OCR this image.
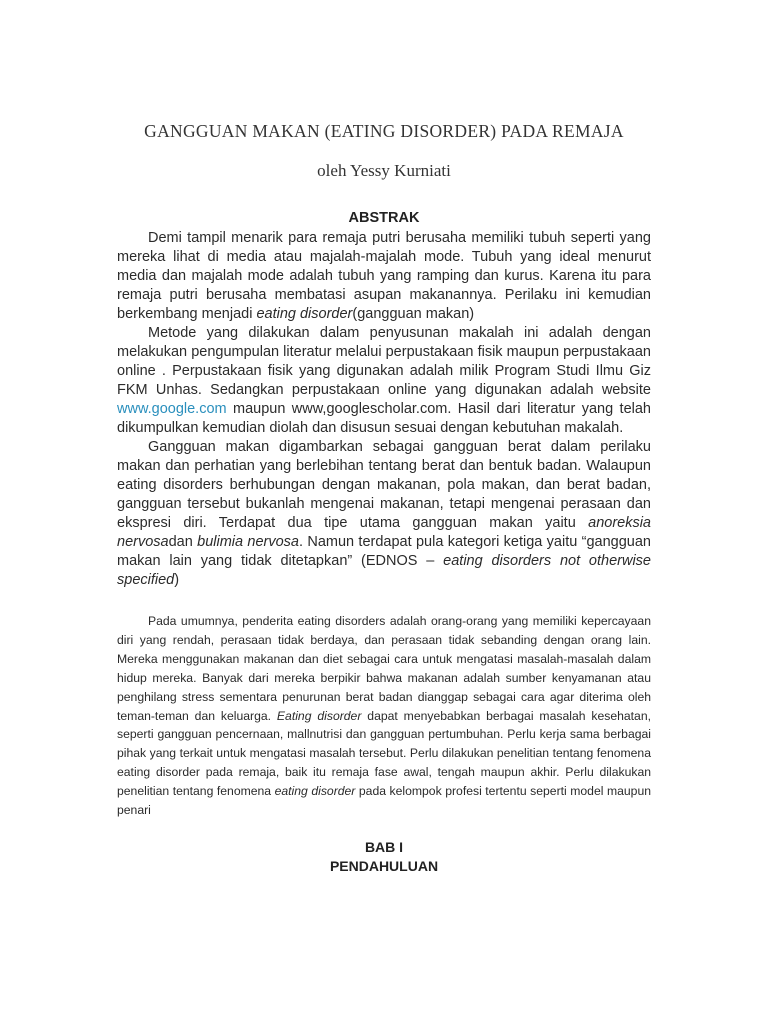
GANGGUAN MAKAN (EATING DISORDER) PADA REMAJA
oleh Yessy Kurniati
ABSTRAK

Demi tampil menarik para remaja putri berusaha memiliki tubuh seperti yang mereka lihat di media atau majalah-majalah mode. Tubuh yang ideal menurut media dan majalah mode adalah tubuh yang ramping dan kurus. Karena itu para remaja putri berusaha membatasi asupan makanannya. Perilaku ini kemudian berkembang menjadi eating disorder(gangguan makan)

Metode yang dilakukan dalam penyusunan makalah ini adalah dengan melakukan pengumpulan literatur melalui perpustakaan fisik maupun perpustakaan online . Perpustakaan fisik yang digunakan adalah milik Program Studi Ilmu Giz FKM Unhas. Sedangkan perpustakaan online yang digunakan adalah website www.google.com maupun www,googlescholar.com. Hasil dari literatur yang telah dikumpulkan kemudian diolah dan disusun sesuai dengan kebutuhan makalah.

Gangguan makan digambarkan sebagai gangguan berat dalam perilaku makan dan perhatian yang berlebihan tentang berat dan bentuk badan. Walaupun eating disorders berhubungan dengan makanan, pola makan, dan berat badan, gangguan tersebut bukanlah mengenai makanan, tetapi mengenai perasaan dan ekspresi diri. Terdapat dua tipe utama gangguan makan yaitu anoreksia nervosadan bulimia nervosa. Namun terdapat pula kategori ketiga yaitu “gangguan makan lain yang tidak ditetapkan” (EDNOS – eating disorders not otherwise specified)

Pada umumnya, penderita eating disorders adalah orang-orang yang memiliki kepercayaan diri yang rendah, perasaan tidak berdaya, dan perasaan tidak sebanding dengan orang lain. Mereka menggunakan makanan dan diet sebagai cara untuk mengatasi masalah-masalah dalam hidup mereka. Banyak dari mereka berpikir bahwa makanan adalah sumber kenyamanan atau penghilang stress sementara penurunan berat badan dianggap sebagai cara agar diterima oleh teman-teman dan keluarga. Eating disorder dapat menyebabkan berbagai masalah kesehatan, seperti gangguan pencernaan, mallnutrisi dan gangguan pertumbuhan. Perlu kerja sama berbagai pihak yang terkait untuk mengatasi masalah tersebut. Perlu dilakukan penelitian tentang fenomena eating disorder pada remaja, baik itu remaja fase awal, tengah maupun akhir. Perlu dilakukan penelitian tentang fenomena eating disorder pada kelompok profesi tertentu seperti model maupun penari

BAB I
PENDAHULUAN
